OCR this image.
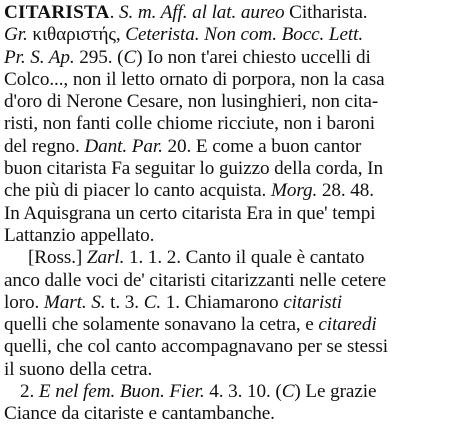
CITARISTA. S. m. Aff. al lat. aureo Citharista.
Gr. κιθαριστής, Ceterista. Non com. Bocc. Lett.
Pr. S. Ap. 295. (C) Io non t'arei chiesto uccelli di
Colco..., non il letto ornato di porpora, non la casa
d'oro di Nerone Cesare, non lusinghieri, non cita-
risti, non fanti colle chiome ricciute, non i baroni
del regno. Dant. Par. 20. E come a buon cantor
buon citarista Fa seguitar lo guizzo della corda, In
che più di piacer lo canto acquista. Morg. 28. 48.
In Aquisgrana un certo citarista Era in que' tempi
Lattanzio appellato.
[Ross.] Zarl. 1. 1. 2. Canto il quale è cantato
anco dalle voci de' citaristi citarizzanti nelle cetere
loro. Mart. S. t. 3. C. 1. Chiamarono citaristi
quelli che solamente sonavano la cetra, e citaredi
quelli, che col canto accompagnavano per se stessi
il suono della cetra.
2. E nel fem. Buon. Fier. 4. 3. 10. (C) Le grazie
Ciance da citariste e cantambanche.
